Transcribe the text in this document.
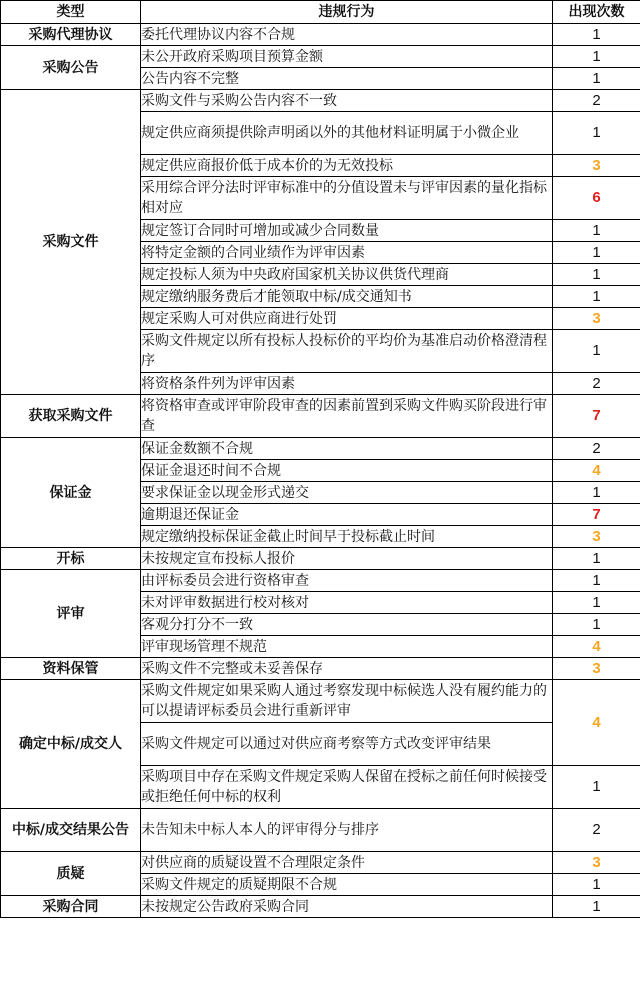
类型	违规行为	出现次数
采购代理协议	委托代理协议内容不合规	1
采购公告	未公开政府采购项目预算金额	1
	公告内容不完整	1
采购文件	采购文件与采购公告内容不一致	2
	规定供应商须提供除声明函以外的其他材料证明属于小微企业	1
	规定供应商报价低于成本价的为无效投标	3
	采用综合评分法时评审标准中的分值设置未与评审因素的量化指标相对应	6
	规定签订合同时可增加或减少合同数量	1
	将特定金额的合同业绩作为评审因素	1
	规定投标人须为中央政府国家机关协议供货代理商	1
	规定缴纳服务费后才能领取中标/成交通知书	1
	规定采购人可对供应商进行处罚	3
	采购文件规定以所有投标人投标价的平均价为基准启动价格澄清程序	1
	将资格条件列为评审因素	2
获取采购文件	将资格审查或评审阶段审查的因素前置到采购文件购买阶段进行审查	7
保证金	保证金数额不合规	2
	保证金退还时间不合规	4
	要求保证金以现金形式递交	1
	逾期退还保证金	7
	规定缴纳投标保证金截止时间早于投标截止时间	3
开标	未按规定宣布投标人报价	1
评审	由评标委员会进行资格审查	1
	未对评审数据进行校对核对	1
	客观分打分不一致	1
	评审现场管理不规范	4
资料保管	采购文件不完整或未妥善保存	3
确定中标/成交人	采购文件规定如果采购人通过考察发现中标候选人没有履约能力的可以提请评标委员会进行重新评审	4
	采购文件规定可以通过对供应商考察等方式改变评审结果	
	采购项目中存在采购文件规定采购人保留在授标之前任何时候接受或拒绝任何中标的权利	1
中标/成交结果公告	未告知未中标人本人的评审得分与排序	2
质疑	对供应商的质疑设置不合理限定条件	3
	采购文件规定的质疑期限不合规	1
采购合同	未按规定公告政府采购合同	1
